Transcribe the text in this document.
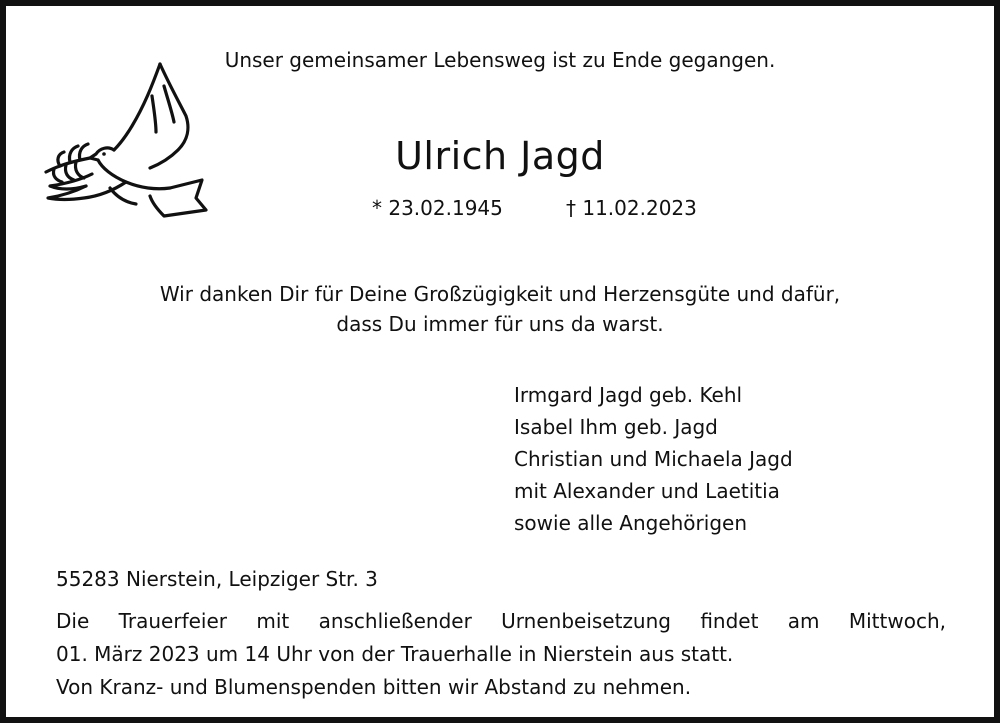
Unser gemeinsamer Lebensweg ist zu Ende gegangen.
Ulrich Jagd
* 23.02.1945	† 11.02.2023
Wir danken Dir für Deine Großzügigkeit und Herzensgüte und dafür,
dass Du immer für uns da warst.
Irmgard Jagd geb. Kehl
Isabel Ihm geb. Jagd
Christian und Michaela Jagd
mit Alexander und Laetitia
sowie alle Angehörigen
55283 Nierstein, Leipziger Str. 3
Die Trauerfeier mit anschließender Urnenbeisetzung findet am Mittwoch,
01. März 2023 um 14 Uhr von der Trauerhalle in Nierstein aus statt.
Von Kranz- und Blumenspenden bitten wir Abstand zu nehmen.
